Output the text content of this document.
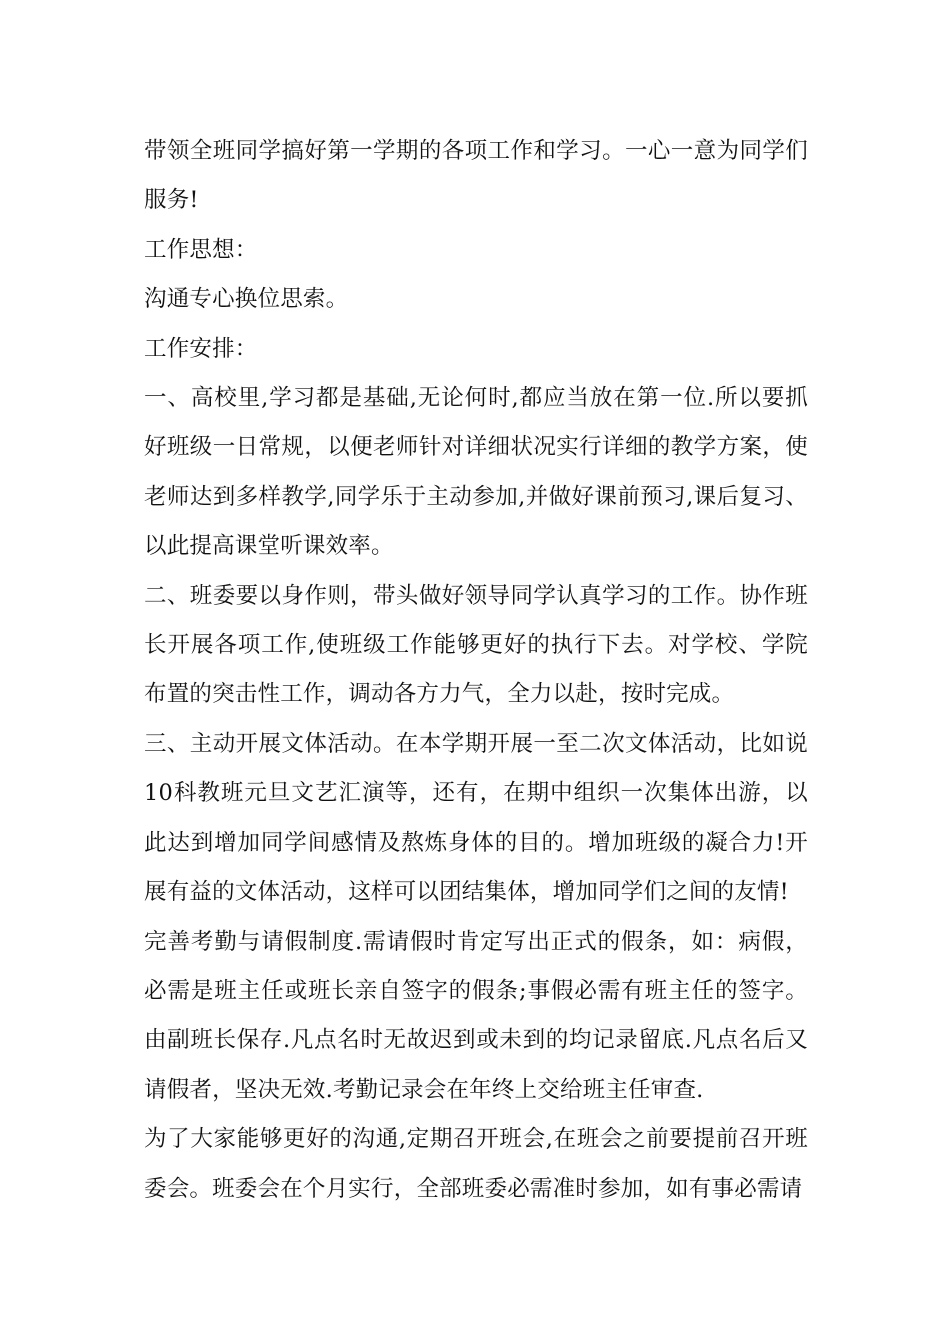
带领全班同学搞好第一学期的各项工作和学习。一心一意为同学们服务!

工作思想：

沟通专心换位思索。

工作安排：

一、高校里,学习都是基础,无论何时,都应当放在第一位.所以要抓好班级一日常规，以便老师针对详细状况实行详细的教学方案，使老师达到多样教学,同学乐于主动参加,并做好课前预习,课后复习、以此提高课堂听课效率。

二、班委要以身作则，带头做好领导同学认真学习的工作。协作班长开展各项工作,使班级工作能够更好的执行下去。对学校、学院布置的突击性工作，调动各方力气，全力以赴，按时完成。

三、主动开展文体活动。在本学期开展一至二次文体活动，比如说10科教班元旦文艺汇演等，还有，在期中组织一次集体出游，以此达到增加同学间感情及熬炼身体的目的。增加班级的凝合力!开展有益的文体活动，这样可以团结集体，增加同学们之间的友情!

完善考勤与请假制度.需请假时肯定写出正式的假条，如：病假，必需是班主任或班长亲自签字的假条;事假必需有班主任的签字。由副班长保存.凡点名时无故迟到或未到的均记录留底.凡点名后又请假者，坚决无效.考勤记录会在年终上交给班主任审查.

为了大家能够更好的沟通,定期召开班会,在班会之前要提前召开班委会。班委会在个月实行，全部班委必需准时参加，如有事必需请
